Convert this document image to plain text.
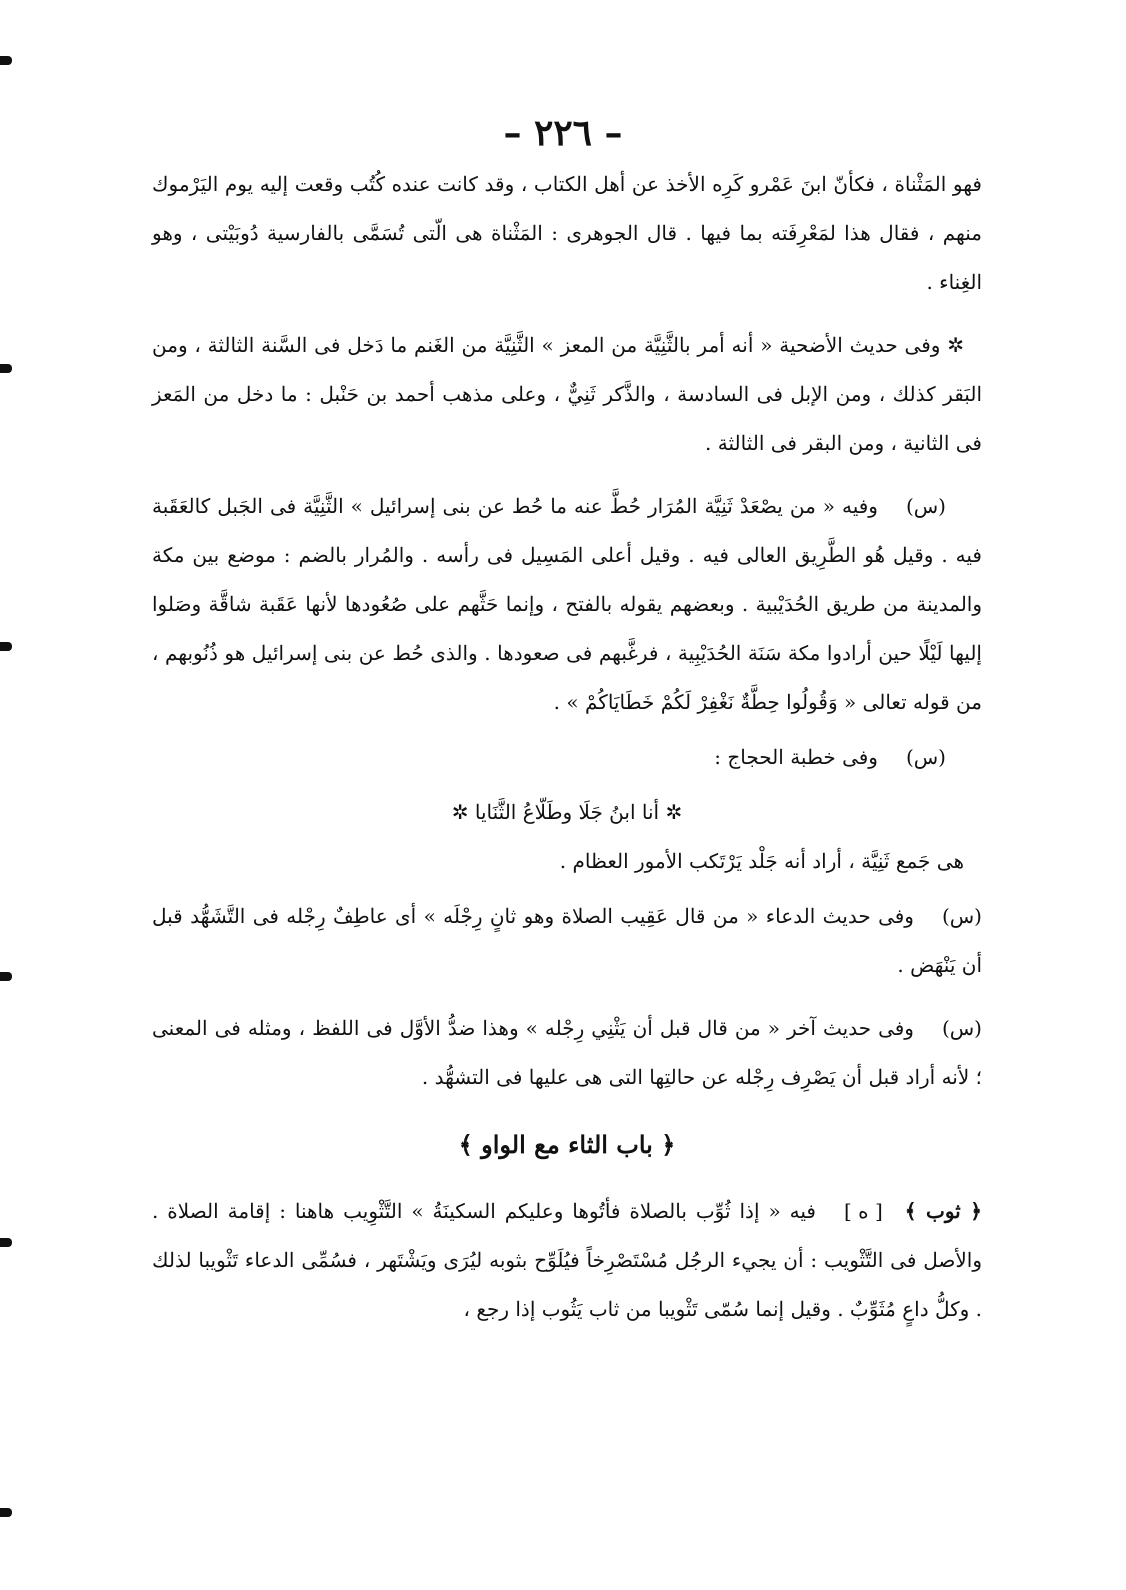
– ٢٢٦ –

فهو المَثْناة ، فكأنّ ابنَ عَمْرو كَرِه الأخذ عن أهل الكتاب ، وقد كانت عنده كُتُب وقعت إليه يوم اليَرْموك منهم ، فقال هذا لمَعْرِفَته بما فيها . قال الجوهرى : المَثْناة هى الّتى تُسَمَّى بالفارسية دُوبَيْتى ، وهو الغِناء .

✲ وفى حديث الأضحية « أنه أمر بالثَّنِيَّة من المعز » الثَّنِيَّة من الغَنم ما دَخل فى السَّنة الثالثة ، ومن البَقر كذلك ، ومن الإبل فى السادسة ، والذَّكر ثَنِيٌّ ، وعلى مذهب أحمد بن حَنْبل : ما دخل من المَعز فى الثانية ، ومن البقر فى الثالثة .

(س)وفيه « من يصْعَدْ ثَنِيَّة المُرَار حُطَّ عنه ما حُط عن بنى إسرائيل » الثَّنِيَّة فى الجَبل كالعَقَبة فيه . وقيل هُو الطَّرِيق العالى فيه . وقيل أعلى المَسِيل فى رأسه . والمُرار بالضم : موضع بين مكة والمدينة من طريق الحُدَيْبية . وبعضهم يقوله بالفتح ، وإنما حَثَّهم على صُعُودها لأنها عَقَبة شاقَّة وصَلوا إليها لَيْلًا حين أرادوا مكة سَنَة الحُدَيْبِية ، فرغَّبهم فى صعودها . والذى حُط عن بنى إسرائيل هو ذُنُوبهم ، من قوله تعالى « وَقُولُوا حِطَّةٌ نَغْفِرْ لَكُمْ خَطَايَاكُمْ » .

(س)وفى خطبة الحجاج :

✲ أنا ابنُ جَلَا وطَلّاعُ الثَّنَايا ✲

هى جَمع ثَنِيَّة ، أراد أنه جَلْد يَرْتَكب الأمور العظام .

(س)وفى حديث الدعاء « من قال عَقِيب الصلاة وهو ثانٍ رِجْلَه » أى عاطِفٌ رِجْله فى التَّشَهُّد قبل أن يَنْهَض .

(س)وفى حديث آخر « من قال قبل أن يَثْنِي رِجْله » وهذا ضدُّ الأوَّل فى اللفظ ، ومثله فى المعنى ؛ لأنه أراد قبل أن يَصْرِف رِجْله عن حالتِها التى هى عليها فى التشهُّد .

﴿ باب الثاء مع الواو ﴾

﴿ ثوب ﴾[ ه ]فيه « إذا ثُوِّب بالصلاة فأتُوها وعليكم السكينَةُ » التَّثْوِيب هاهنا : إقامة الصلاة . والأصل فى التَّثْويب : أن يجيء الرجُل مُسْتَصْرِخاً فيُلَوِّح بثوبه ليُرَى ويَشْتَهر ، فسُمِّى الدعاء تَثْويبا لذلك . وكلُّ داعٍ مُثَوِّبٌ . وقيل إنما سُمّى تَثْويبا من ثاب يَثُوب إذا رجع ،
